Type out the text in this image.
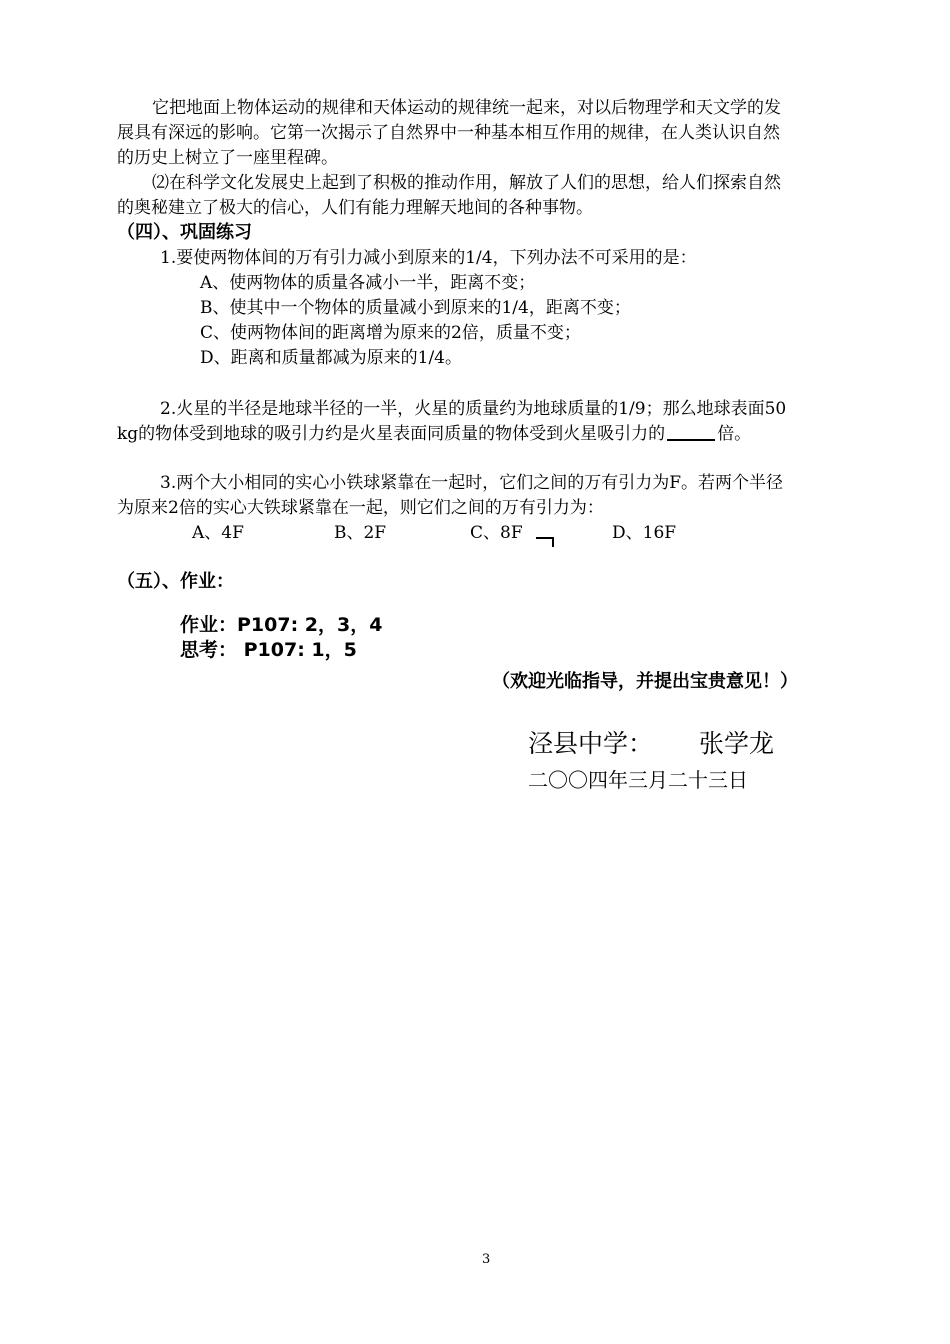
它把地面上物体运动的规律和天体运动的规律统一起来，对以后物理学和天文学的发
展具有深远的影响。它第一次揭示了自然界中一种基本相互作用的规律，在人类认识自然
的历史上树立了一座里程碑。
⑵在科学文化发展史上起到了积极的推动作用，解放了人们的思想，给人们探索自然
的奥秘建立了极大的信心，人们有能力理解天地间的各种事物。
（四）、巩固练习
1.要使两物体间的万有引力减小到原来的1/4，下列办法不可采用的是：
A、使两物体的质量各减小一半，距离不变；
B、使其中一个物体的质量减小到原来的1/4，距离不变；
C、使两物体间的距离增为原来的2倍，质量不变；
D、距离和质量都减为原来的1/4。
2.火星的半径是地球半径的一半，火星的质量约为地球质量的1/9；那么地球表面50
kg的物体受到地球的吸引力约是火星表面同质量的物体受到火星吸引力的	倍。
3.两个大小相同的实心小铁球紧靠在一起时，它们之间的万有引力为F。若两个半径
为原来2倍的实心大铁球紧靠在一起，则它们之间的万有引力为：
A、4F	B、2F	C、8F	D、16F
（五）、作业：
作业：P107: 2，3，4
思考： P107: 1，5
（欢迎光临指导，并提出宝贵意见！）
泾县中学： 张学龙
二〇〇四年三月二十三日
3
